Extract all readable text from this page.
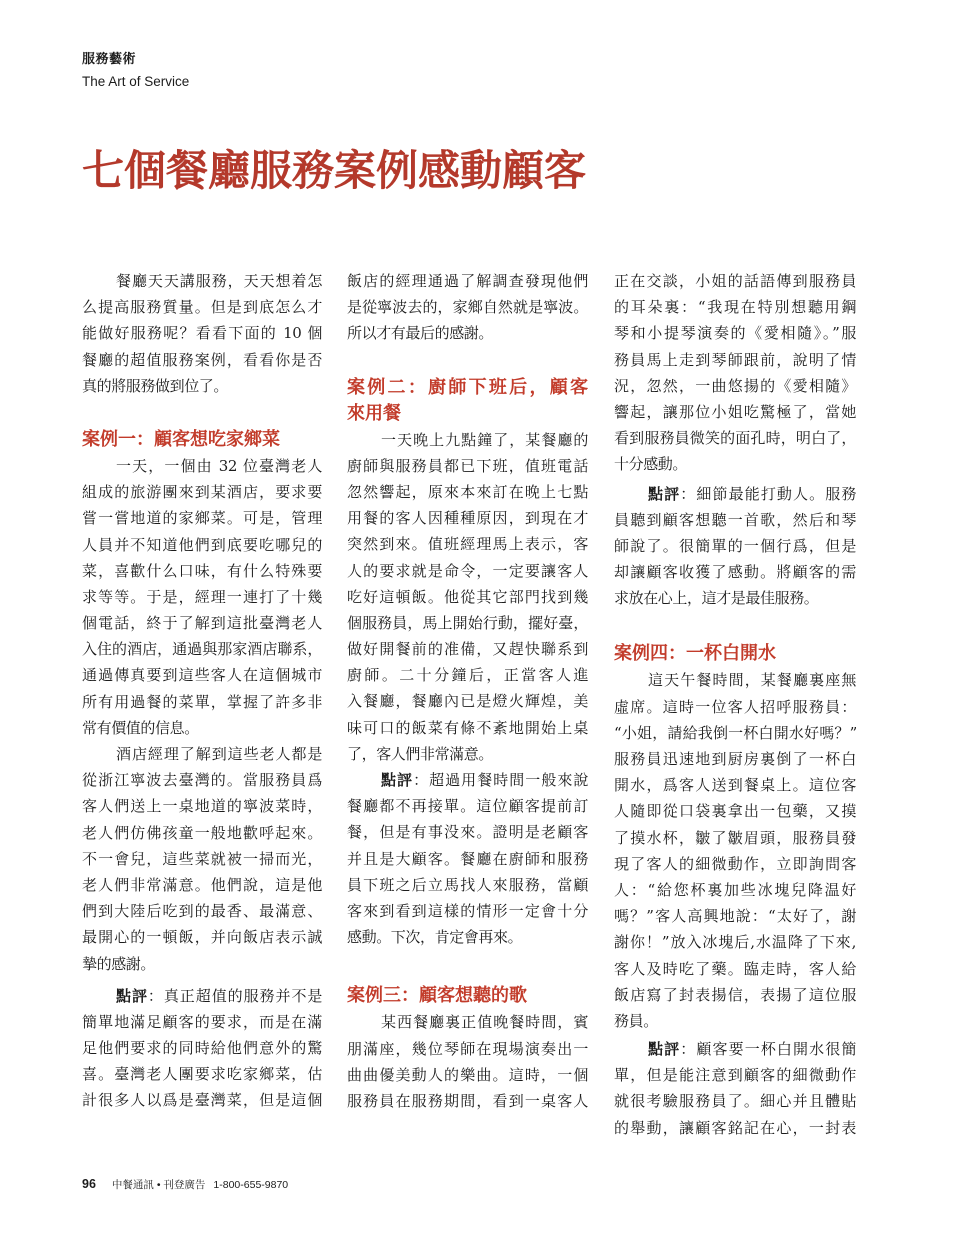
服務藝術
The Art of Service
七個餐廳服務案例感動顧客
餐廳天天講服務，天天想着怎
么提高服務質量。但是到底怎么才
能做好服務呢？看看下面的 10 個
餐廳的超值服務案例，看看你是否
真的將服務做到位了。
案例一：顧客想吃家鄉菜
一天，一個由 32 位臺灣老人
組成的旅游團來到某酒店，要求要
嘗一嘗地道的家鄉菜。可是，管理
人員并不知道他們到底要吃哪兒的
菜，喜歡什么口味，有什么特殊要
求等等。于是，經理一連打了十幾
個電話，終于了解到這批臺灣老人
入住的酒店，通過與那家酒店聯系，
通過傳真要到這些客人在這個城市
所有用過餐的菜單，掌握了許多非
常有價值的信息。
酒店經理了解到這些老人都是
從浙江寧波去臺灣的。當服務員爲
客人們送上一桌地道的寧波菜時，
老人們仿佛孩童一般地歡呼起來。
不一會兒，這些菜就被一掃而光，
老人們非常滿意。他們說，這是他
們到大陸后吃到的最香、最滿意、
最開心的一頓飯，并向飯店表示誠
摯的感謝。
點評：真正超值的服務并不是
簡單地滿足顧客的要求，而是在滿
足他們要求的同時給他們意外的驚
喜。臺灣老人團要求吃家鄉菜，估
計很多人以爲是臺灣菜，但是這個
飯店的經理通過了解調查發現他們
是從寧波去的，家鄉自然就是寧波。
所以才有最后的感謝。
案例二：廚師下班后，顧客
來用餐
一天晚上九點鐘了，某餐廳的
廚師與服務員都已下班，值班電話
忽然響起，原來本來訂在晚上七點
用餐的客人因種種原因，到現在才
突然到來。值班經理馬上表示，客
人的要求就是命令，一定要讓客人
吃好這頓飯。他從其它部門找到幾
個服務員，馬上開始行動，擺好臺，
做好開餐前的准備，又趕快聯系到
廚師。二十分鐘后，正當客人進
入餐廳，餐廳內已是燈火輝煌，美
味可口的飯菜有條不紊地開始上桌
了，客人們非常滿意。
點評：超過用餐時間一般來說
餐廳都不再接單。這位顧客提前訂
餐，但是有事没來。證明是老顧客
并且是大顧客。餐廳在廚師和服務
員下班之后立馬找人來服務，當顧
客來到看到這樣的情形一定會十分
感動。下次，肯定會再來。
案例三：顧客想聽的歌
某西餐廳裏正值晚餐時間，賓
朋滿座，幾位琴師在現場演奏出一
曲曲優美動人的樂曲。這時，一個
服務員在服務期間，看到一桌客人
正在交談，小姐的話語傳到服務員
的耳朵裏：“我現在特別想聽用鋼
琴和小提琴演奏的《愛相隨》。”服
務員馬上走到琴師跟前，說明了情
況，忽然，一曲悠揚的《愛相隨》
響起，讓那位小姐吃驚極了，當她
看到服務員微笑的面孔時，明白了，
十分感動。
點評：細節最能打動人。服務
員聽到顧客想聽一首歌，然后和琴
師說了。很簡單的一個行爲，但是
却讓顧客收獲了感動。將顧客的需
求放在心上，這才是最佳服務。
案例四：一杯白開水
這天午餐時間，某餐廳裏座無
虛席。這時一位客人招呼服務員：
“小姐，請給我倒一杯白開水好嗎？”
服務員迅速地到厨房裏倒了一杯白
開水，爲客人送到餐桌上。這位客
人隨即從口袋裏拿出一包藥，又摸
了摸水杯，皺了皺眉頭，服務員發
現了客人的細微動作，立即詢問客
人：“給您杯裏加些冰塊兒降温好
嗎？”客人高興地說：“太好了，謝
謝你！”放入冰塊后,水温降了下來,
客人及時吃了藥。臨走時，客人給
飯店寫了封表揚信，表揚了這位服
務員。
點評：顧客要一杯白開水很簡
單，但是能注意到顧客的細微動作
就很考驗服務員了。細心并且體貼
的舉動，讓顧客銘記在心，一封表
96 中餐通訊 • 刊登廣告 1-800-655-9870
